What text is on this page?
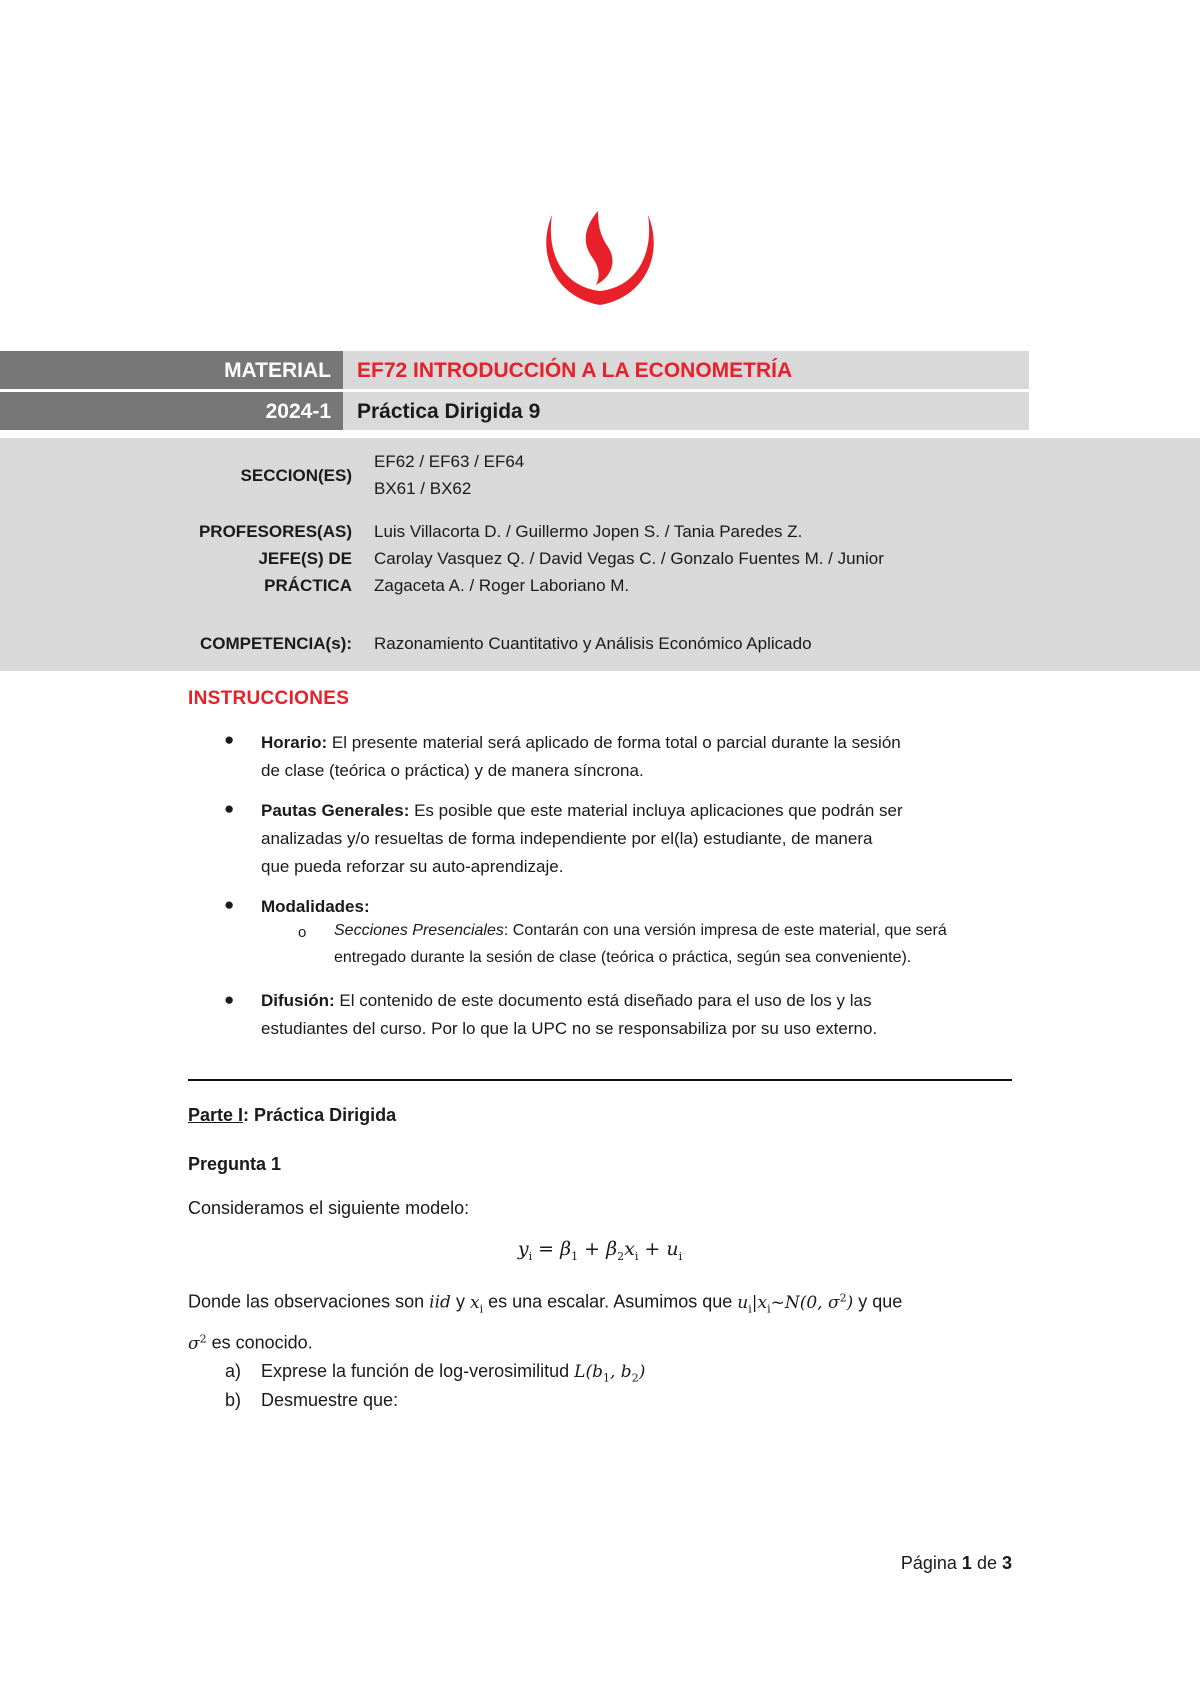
MATERIAL	EF72 INTRODUCCIÓN A LA ECONOMETRÍA
2024-1	Práctica Dirigida 9
SECCION(ES)
EF62 / EF63 / EF64
BX61 / BX62
PROFESORES(AS)
JEFE(S) DE
PRÁCTICA
Luis Villacorta D. / Guillermo Jopen S. / Tania Paredes Z.
Carolay Vasquez Q. / David Vegas C. / Gonzalo Fuentes M. / Junior
Zagaceta A. / Roger Laboriano M.
COMPETENCIA(s): Razonamiento Cuantitativo y Análisis Económico Aplicado
INSTRUCCIONES
● Horario: El presente material será aplicado de forma total o parcial durante la sesión
de clase (teórica o práctica) y de manera síncrona.
● Pautas Generales: Es posible que este material incluya aplicaciones que podrán ser
analizadas y/o resueltas de forma independiente por el(la) estudiante, de manera
que pueda reforzar su auto-aprendizaje.
● Modalidades:
o Secciones Presenciales: Contarán con una versión impresa de este material, que será
entregado durante la sesión de clase (teórica o práctica, según sea conveniente).
● Difusión: El contenido de este documento está diseñado para el uso de los y las
estudiantes del curso. Por lo que la UPC no se responsabiliza por su uso externo.
Parte I: Práctica Dirigida
Pregunta 1
Consideramos el siguiente modelo:
$y_i = \beta_1 + \beta_2x_i + u_i$
Donde las observaciones son iid y $x_i$ es una escalar. Asumimos que $u_i|x_i\sim N(0$, $\sigma^2$) y que
$\sigma^2$ es conocido.
a) Exprese la función de log-verosimilitud $L(b_1$, $b_2$)
b) Desmuestre que:
Página 1 de 3
